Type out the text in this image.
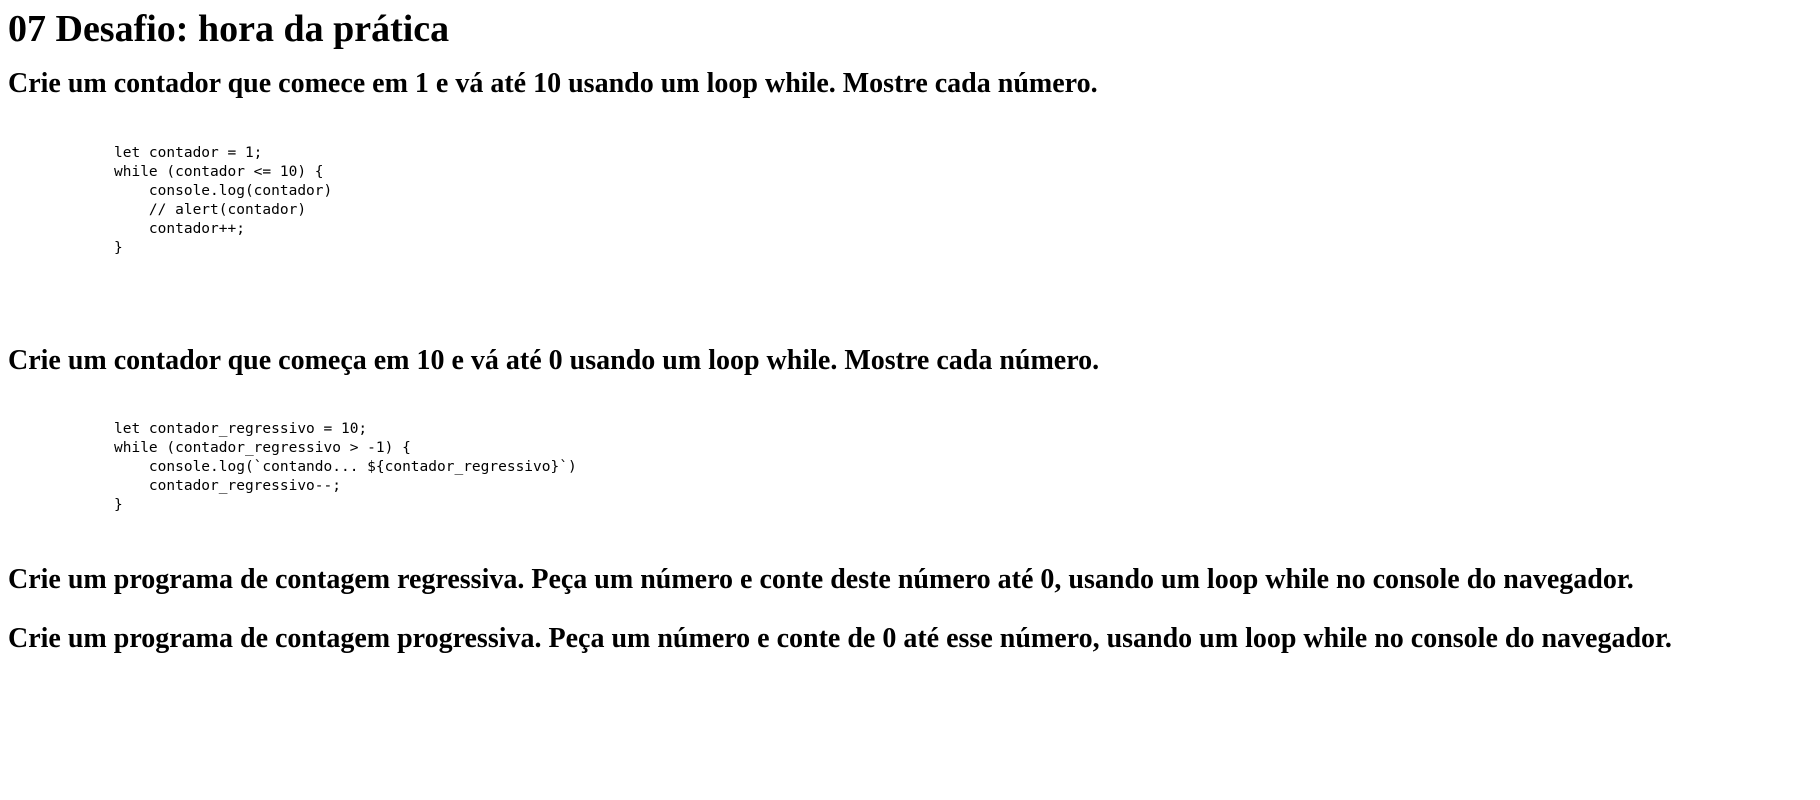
07 Desafio: hora da prática
Crie um contador que comece em 1 e vá até 10 usando um loop while. Mostre cada número.
let contador = 1;
while (contador <= 10) {
console.log(contador)
// alert(contador)
contador++;
}
Crie um contador que começa em 10 e vá até 0 usando um loop while. Mostre cada número.
let contador_regressivo = 10;
while (contador_regressivo > -1) {
console.log(`contando... ${contador_regressivo}`)
contador_regressivo--;
}
Crie um programa de contagem regressiva. Peça um número e conte deste número até 0, usando um loop while no console do navegador.
Crie um programa de contagem progressiva. Peça um número e conte de 0 até esse número, usando um loop while no console do navegador.
